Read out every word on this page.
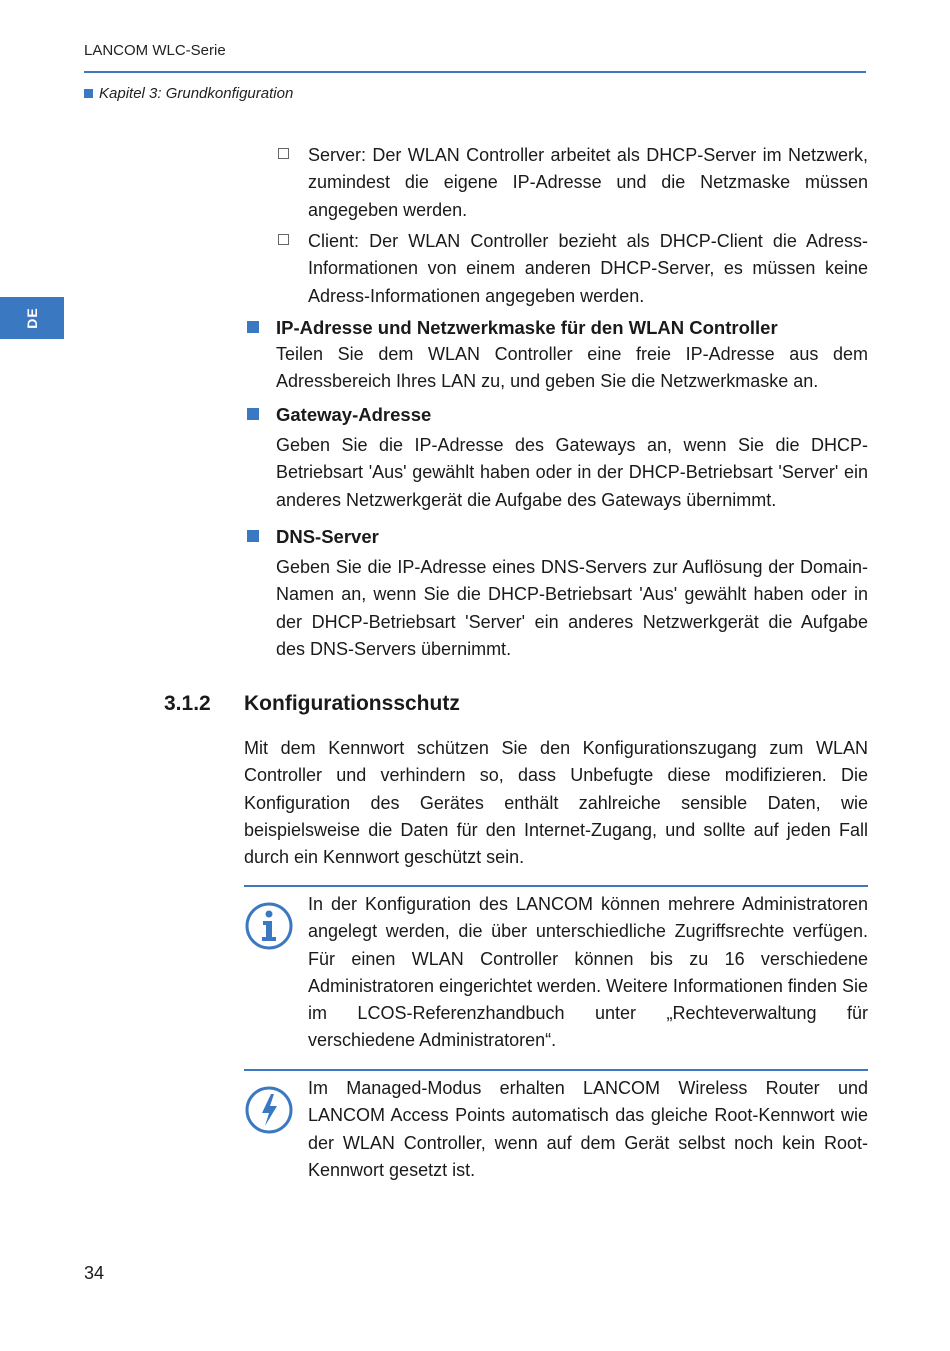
LANCOM WLC-Serie
Kapitel 3: Grundkonfiguration
DE
Server: Der WLAN Controller arbeitet als DHCP-Server im Netzwerk, zumindest die eigene IP-Adresse und die Netzmaske müssen angegeben werden.
Client: Der WLAN Controller bezieht als DHCP-Client die Adress-Informationen von einem anderen DHCP-Server, es müssen keine Adress-Informationen angegeben werden.
IP-Adresse und Netzwerkmaske für den WLAN Controller
Teilen Sie dem WLAN Controller eine freie IP-Adresse aus dem Adressbereich Ihres LAN zu, und geben Sie die Netzwerkmaske an.
Gateway-Adresse
Geben Sie die IP-Adresse des Gateways an, wenn Sie die DHCP-Betriebsart 'Aus' gewählt haben oder in der DHCP-Betriebsart 'Server' ein anderes Netzwerkgerät die Aufgabe des Gateways übernimmt.
DNS-Server
Geben Sie die IP-Adresse eines DNS-Servers zur Auflösung der Domain-Namen an, wenn Sie die DHCP-Betriebsart 'Aus' gewählt haben oder in der DHCP-Betriebsart 'Server' ein anderes Netzwerkgerät die Aufgabe des DNS-Servers übernimmt.
3.1.2 Konfigurationsschutz
Mit dem Kennwort schützen Sie den Konfigurationszugang zum WLAN Controller und verhindern so, dass Unbefugte diese modifizieren. Die Konfiguration des Gerätes enthält zahlreiche sensible Daten, wie beispielsweise die Daten für den Internet-Zugang, und sollte auf jeden Fall durch ein Kennwort geschützt sein.
In der Konfiguration des LANCOM können mehrere Administratoren angelegt werden, die über unterschiedliche Zugriffsrechte verfügen. Für einen WLAN Controller können bis zu 16 verschiedene Administratoren eingerichtet werden. Weitere Informationen finden Sie im LCOS-Referenzhandbuch unter „Rechteverwaltung für verschiedene Administratoren“.
Im Managed-Modus erhalten LANCOM Wireless Router und LANCOM Access Points automatisch das gleiche Root-Kennwort wie der WLAN Controller, wenn auf dem Gerät selbst noch kein Root-Kennwort gesetzt ist.
34
